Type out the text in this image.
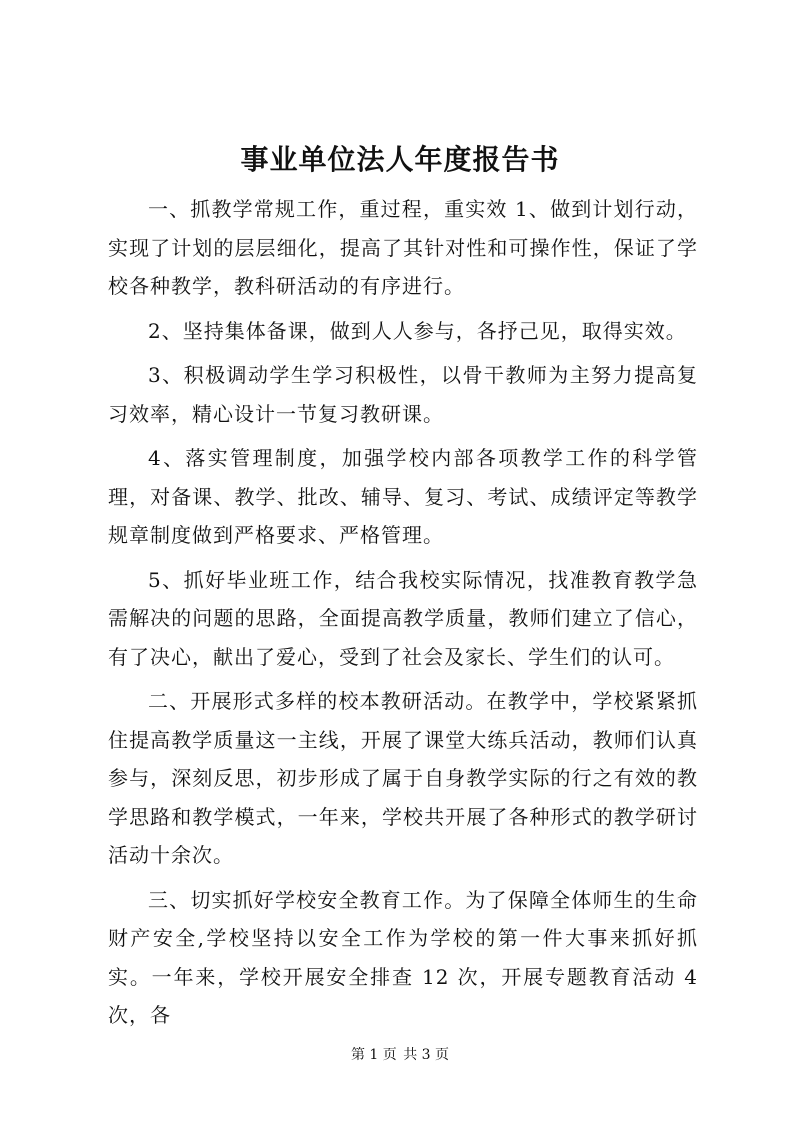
事业单位法人年度报告书

一、抓教学常规工作，重过程，重实效 1、做到计划行动，实现了计划的层层细化，提高了其针对性和可操作性，保证了学校各种教学，教科研活动的有序进行。

2、坚持集体备课，做到人人参与，各抒己见，取得实效。

3、积极调动学生学习积极性，以骨干教师为主努力提高复习效率，精心设计一节复习教研课。

4、落实管理制度，加强学校内部各项教学工作的科学管理，对备课、教学、批改、辅导、复习、考试、成绩评定等教学规章制度做到严格要求、严格管理。

5、抓好毕业班工作，结合我校实际情况，找准教育教学急需解决的问题的思路，全面提高教学质量，教师们建立了信心，有了决心，献出了爱心，受到了社会及家长、学生们的认可。

二、开展形式多样的校本教研活动。在教学中，学校紧紧抓住提高教学质量这一主线，开展了课堂大练兵活动，教师们认真参与，深刻反思，初步形成了属于自身教学实际的行之有效的教学思路和教学模式，一年来，学校共开展了各种形式的教学研讨活动十余次。

三、切实抓好学校安全教育工作。为了保障全体师生的生命财产安全,学校坚持以安全工作为学校的第一件大事来抓好抓实。一年来，学校开展安全排查 12 次，开展专题教育活动 4 次，各

第 1 页 共 3 页
